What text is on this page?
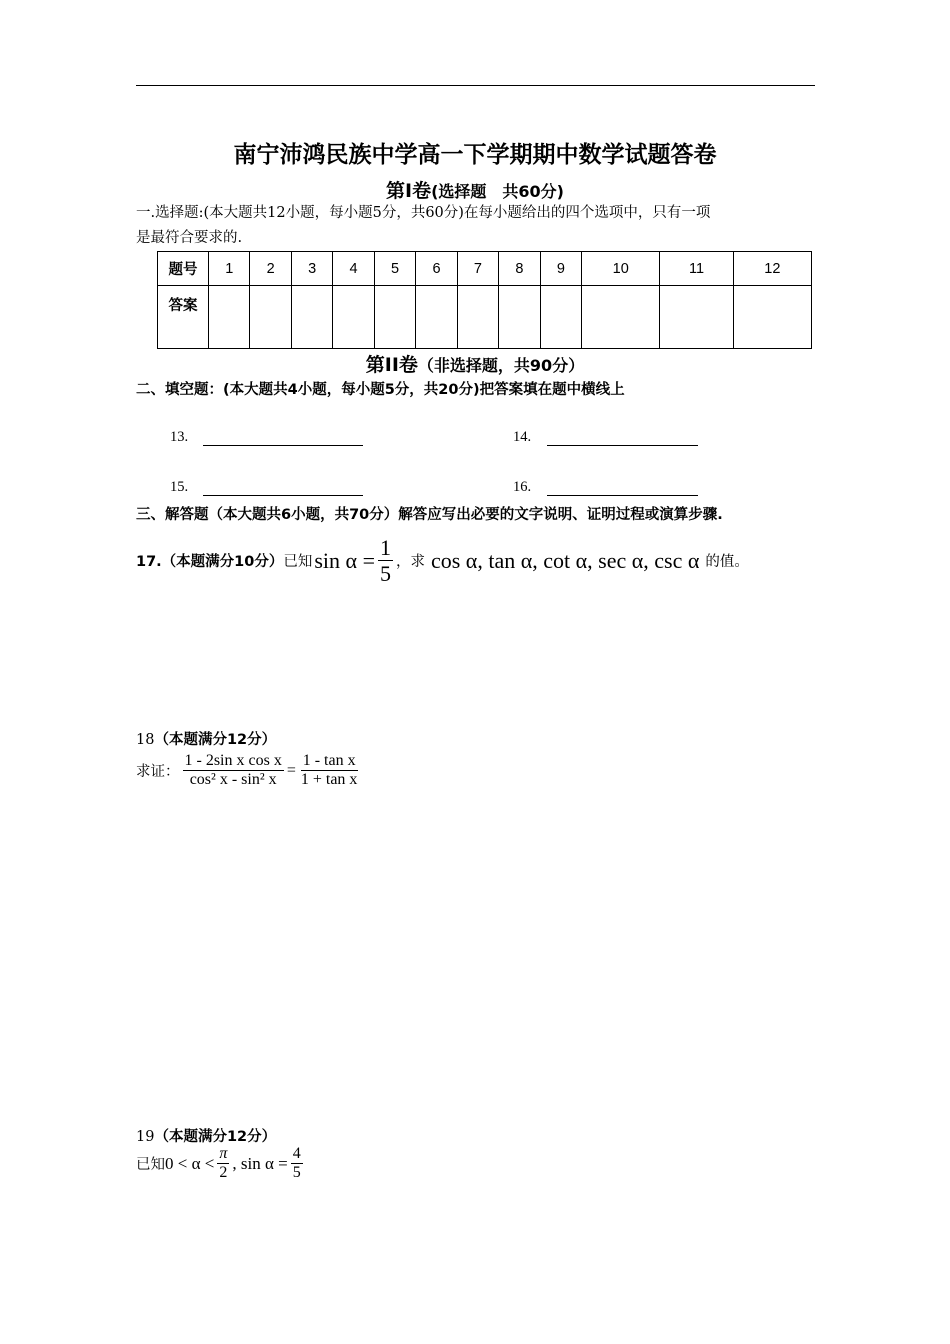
南宁沛鸿民族中学高一下学期期中数学试题答卷
第Ⅰ卷(选择题　共60分)
一.选择题:(本大题共12小题，每小题5分，共60分)在每小题给出的四个选项中，只有一项
是最符合要求的.
题号	1	2	3	4	5	6	7	8	9	10	11	12
答案												
第II卷（非选择题，共90分）
二、填空题：(本大题共4小题，每小题5分，共20分)把答案填在题中横线上
13.	14.
15.	16.
三、解答题（本大题共6小题，共70分）解答应写出必要的文字说明、证明过程或演算步骤.
17.（本题满分10分） 已知 $\sin \alpha = \frac{1}{5}$ ，求 cos α, tan α, cot α, sec α, csc α 的值。
18（本题满分12分）
求证： $\frac{\text{1 - 2sin x cos x}}{\text{cos² x - sin² x}} = \frac{\text{1 - tan x}}{\text{1 + tan x}}$
19（本题满分12分）
已知 $0 < \alpha < \frac{\pi}{2}$ , $\sin \alpha = \frac{4}{5}$
